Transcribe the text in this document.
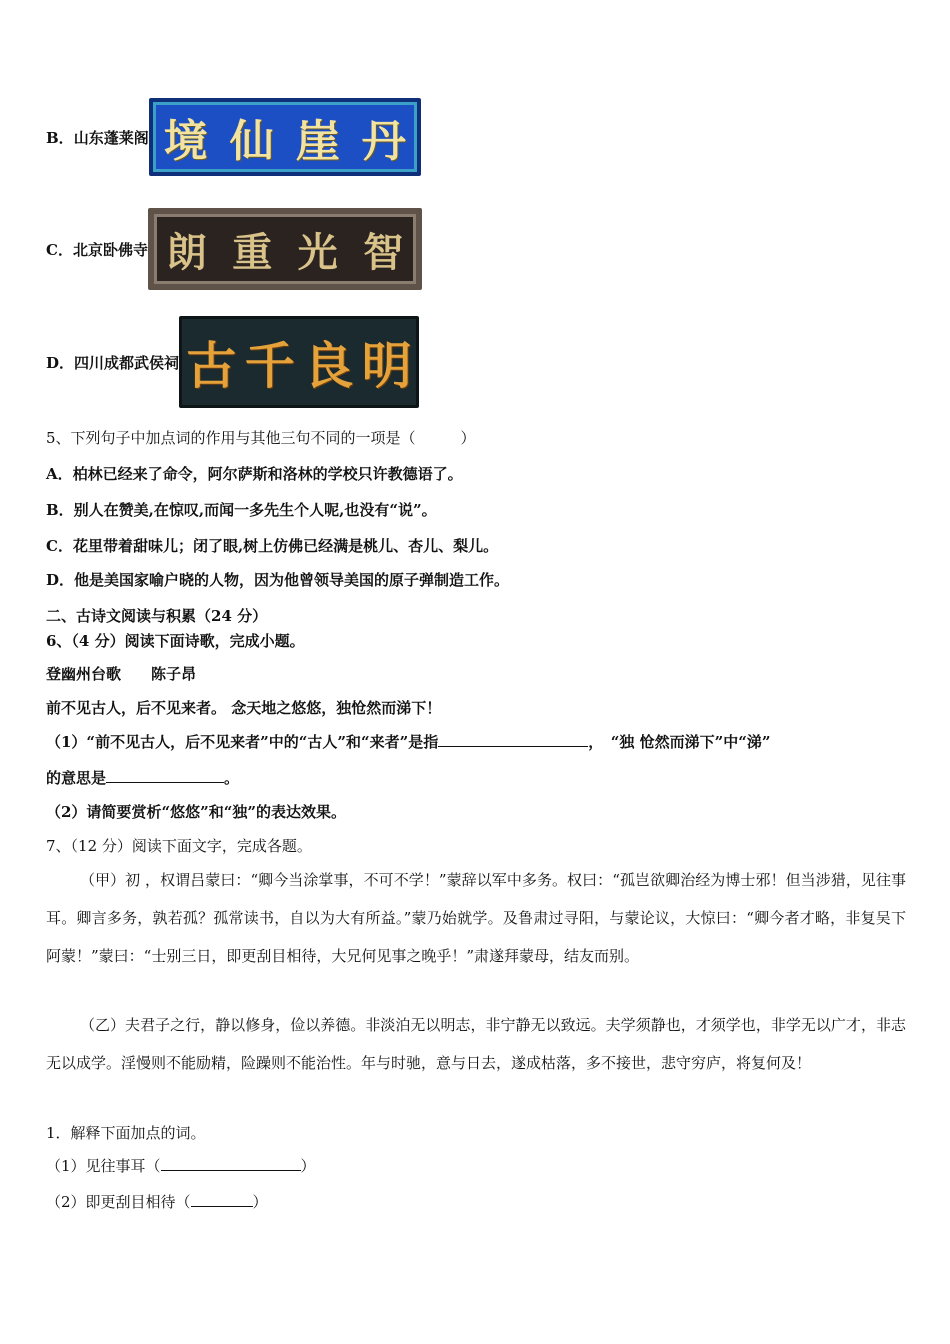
B．山东蓬莱阁 境 仙 崖 丹
C．北京卧佛寺 朗 重 光 智
D．四川成都武侯祠 古 千 良 明
5、下列句子中加点词的作用与其他三句不同的一项是（　　　）
A．柏林已经来了命令，阿尔萨斯和洛林的学校只许教德语了。
B．别人在赞美,在惊叹,而闻一多先生个人呢,也没有“说”。
C．花里带着甜味儿；闭了眼,树上仿佛已经满是桃儿、杏儿、梨儿。
D．他是美国家喻户晓的人物，因为他曾领导美国的原子弹制造工作。
二、古诗文阅读与积累（24 分）
6、（4 分）阅读下面诗歌，完成小题。
登幽州台歌　　陈子昂
前不见古人，后不见来者。 念天地之悠悠，独怆然而涕下！
（1）“前不见古人，后不见来者”中的“古人”和“来者”是指	，　“独 怆然而涕下”中“涕”
的意思是	。
（2）请简要赏析“悠悠”和“独”的表达效果。
7、（12 分）阅读下面文字，完成各题。

（甲）初 ，权谓吕蒙曰：“卿今当涂掌事，不可不学！”蒙辞以军中多务。权曰：“孤岂欲卿治经为博士邪！但当涉猎，见往事耳。卿言多务，孰若孤？孤常读书，自以为大有所益。”蒙乃始就学。及鲁肃过寻阳，与蒙论议，大惊曰：“卿今者才略，非复吴下阿蒙！”蒙曰：“士别三日，即更刮目相待，大兄何见事之晚乎！”肃遂拜蒙母，结友而别。

（乙）夫君子之行，静以修身，俭以养德。非淡泊无以明志，非宁静无以致远。夫学须静也，才须学也，非学无以广才，非志无以成学。淫慢则不能励精，险躁则不能治性。年与时驰，意与日去，遂成枯落，多不接世，悲守穷庐，将复何及！

1．解释下面加点的词。
（1）见往事耳（	）
（2）即更刮目相待（	）
